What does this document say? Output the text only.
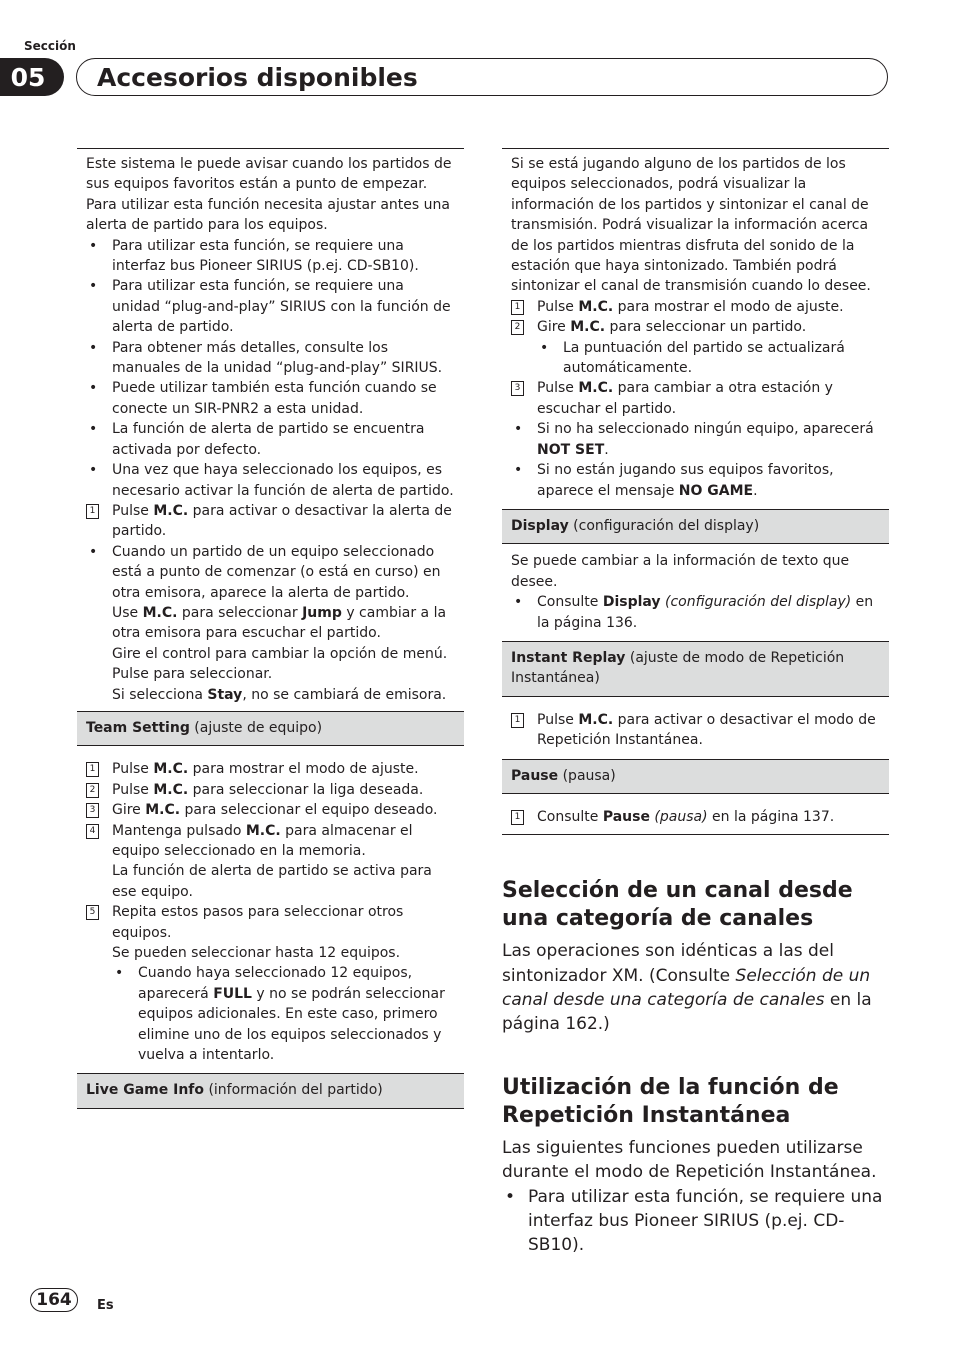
Sección
05	Accesorios disponibles
Este sistema le puede avisar cuando los partidos de sus equipos favoritos están a punto de empezar. Para utilizar esta función necesita ajustar antes una alerta de partido para los equipos.
• Para utilizar esta función, se requiere una interfaz bus Pioneer SIRIUS (p.ej. CD-SB10).
• Para utilizar esta función, se requiere una unidad “plug-and-play” SIRIUS con la función de alerta de partido.
• Para obtener más detalles, consulte los manuales de la unidad “plug-and-play” SIRIUS.
• Puede utilizar también esta función cuando se conecte un SIR-PNR2 a esta unidad.
• La función de alerta de partido se encuentra activada por defecto.
• Una vez que haya seleccionado los equipos, es necesario activar la función de alerta de partido.
1 Pulse M.C. para activar o desactivar la alerta de partido.
• Cuando un partido de un equipo seleccionado está a punto de comenzar (o está en curso) en otra emisora, aparece la alerta de partido.
Use M.C. para seleccionar Jump y cambiar a la otra emisora para escuchar el partido.
Gire el control para cambiar la opción de menú. Pulse para seleccionar.
Si selecciona Stay, no se cambiará de emisora.
Team Setting (ajuste de equipo)
1 Pulse M.C. para mostrar el modo de ajuste.
2 Pulse M.C. para seleccionar la liga deseada.
3 Gire M.C. para seleccionar el equipo deseado.
4 Mantenga pulsado M.C. para almacenar el equipo seleccionado en la memoria.
La función de alerta de partido se activa para ese equipo.
5 Repita estos pasos para seleccionar otros equipos.
Se pueden seleccionar hasta 12 equipos.
• Cuando haya seleccionado 12 equipos, aparecerá FULL y no se podrán seleccionar equipos adicionales. En este caso, primero elimine uno de los equipos seleccionados y vuelva a intentarlo.
Live Game Info (información del partido)
Si se está jugando alguno de los partidos de los equipos seleccionados, podrá visualizar la información de los partidos y sintonizar el canal de transmisión. Podrá visualizar la información acerca de los partidos mientras disfruta del sonido de la estación que haya sintonizado. También podrá sintonizar el canal de transmisión cuando lo desee.
1 Pulse M.C. para mostrar el modo de ajuste.
2 Gire M.C. para seleccionar un partido.
• La puntuación del partido se actualizará automáticamente.
3 Pulse M.C. para cambiar a otra estación y escuchar el partido.
• Si no ha seleccionado ningún equipo, aparecerá NOT SET.
• Si no están jugando sus equipos favoritos, aparece el mensaje NO GAME.
Display (configuración del display)
Se puede cambiar a la información de texto que desee.
• Consulte Display (configuración del display) en la página 136.
Instant Replay (ajuste de modo de Repetición Instantánea)
1 Pulse M.C. para activar o desactivar el modo de Repetición Instantánea.
Pause (pausa)
1 Consulte Pause (pausa) en la página 137.
Selección de un canal desde una categoría de canales
Las operaciones son idénticas a las del sintonizador XM. (Consulte Selección de un canal desde una categoría de canales en la página 162.)
Utilización de la función de Repetición Instantánea
Las siguientes funciones pueden utilizarse durante el modo de Repetición Instantánea.
• Para utilizar esta función, se requiere una interfaz bus Pioneer SIRIUS (p.ej. CD-SB10).
164	Es
